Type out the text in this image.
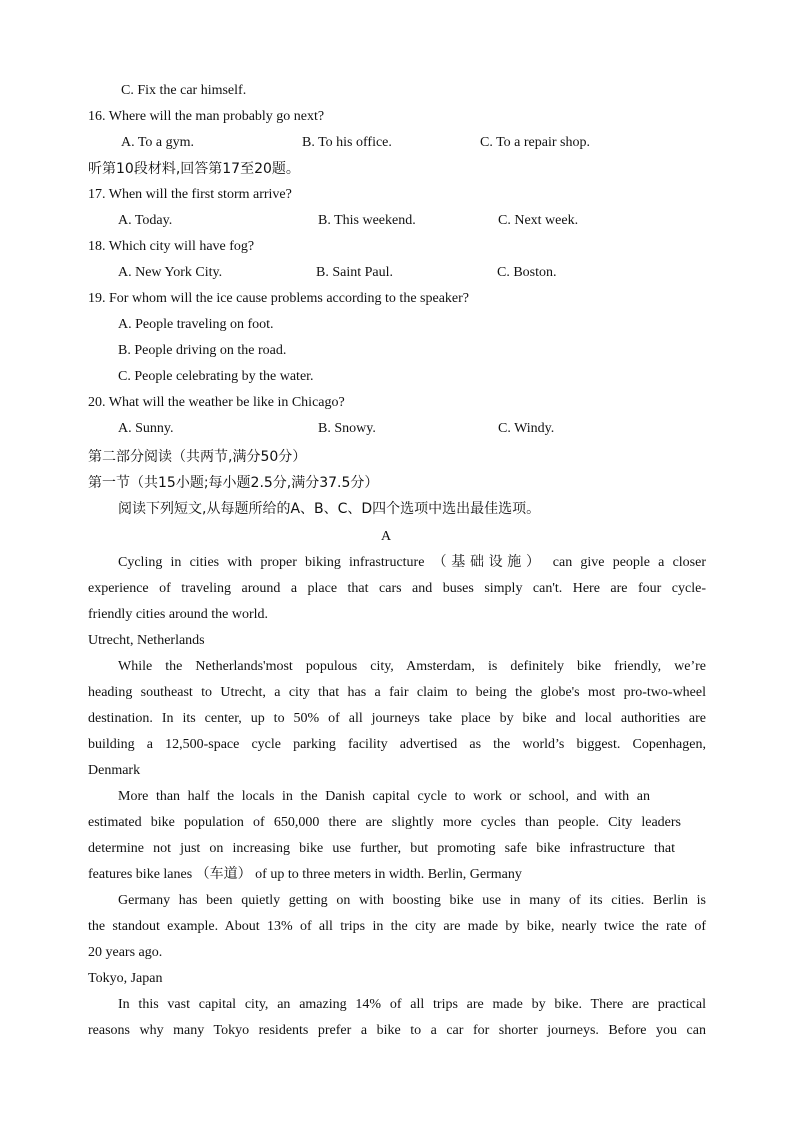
C. Fix the car himself.
16. Where will the man probably go next?
A. To a gym.	B. To his office.	C. To a repair shop.
听第10段材料,回答第17至20题。
17. When will the first storm arrive?
A. Today.	B. This weekend.	C. Next week.
18. Which city will have fog?
A. New York City.	B. Saint Paul.	C. Boston.
19. For whom will the ice cause problems according to the speaker?
A. People traveling on foot.
B. People driving on the road.
C. People celebrating by the water.
20. What will the weather be like in Chicago?
A. Sunny.	B. Snowy.	C. Windy.
第二部分阅读（共两节,满分50分）
第一节（共15小题;每小题2.5分,满分37.5分）
阅读下列短文,从每题所给的A、B、C、D四个选项中选出最佳选项。
A
Cycling in cities with proper biking infrastructure （基础设施） can give people a closer
experience of traveling around a place that cars and buses simply can't. Here are four cycle-
friendly cities around the world.
Utrecht, Netherlands
While the Netherlands'most populous city, Amsterdam, is definitely bike friendly, we’re
heading southeast to Utrecht, a city that has a fair claim to being the globe's most pro-two-wheel
destination. In its center, up to 50% of all journeys take place by bike and local authorities are
building a 12,500-space cycle parking facility advertised as the world’s biggest. Copenhagen,
Denmark
More than half the locals in the Danish capital cycle to work or school, and with an
estimated bike population of 650,000 there are slightly more cycles than people. City leaders
determine not just on increasing bike use further, but promoting safe bike infrastructure that
features bike lanes （车道） of up to three meters in width. Berlin, Germany
Germany has been quietly getting on with boosting bike use in many of its cities. Berlin is
the standout example. About 13% of all trips in the city are made by bike, nearly twice the rate of
20 years ago.
Tokyo, Japan
In this vast capital city, an amazing 14% of all trips are made by bike. There are practical
reasons why many Tokyo residents prefer a bike to a car for shorter journeys. Before you can
